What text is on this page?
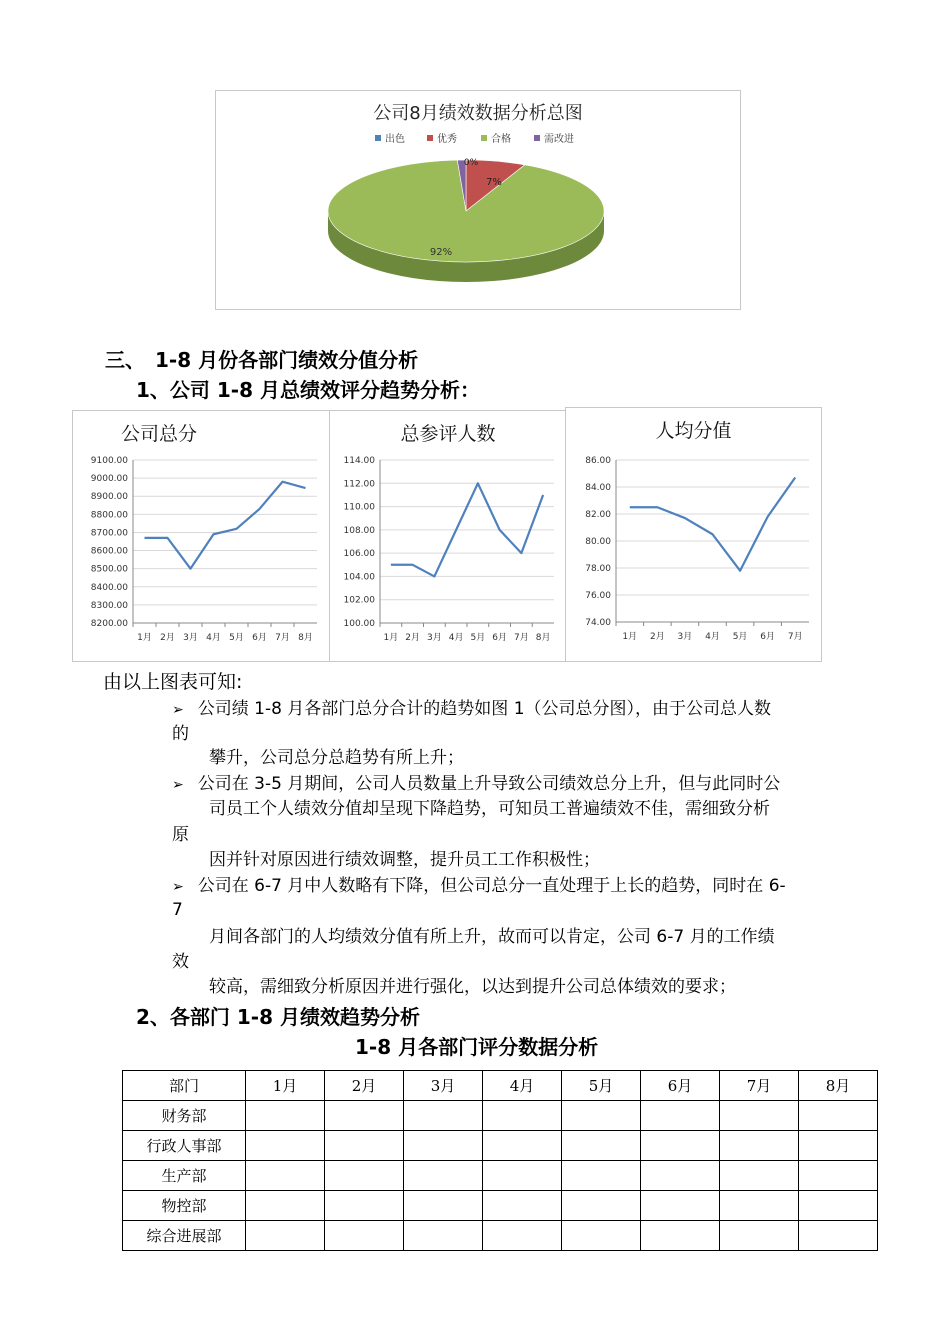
公司8月绩效数据分析总图
出色	优秀	合格	需改进
0%
7%
92%
三、　1-8 月份各部门绩效分值分析
1、公司 1-8 月总绩效评分趋势分析：
公司总分
9100.00
9000.00
8900.00
8800.00
8700.00
8600.00
8500.00
8400.00
8300.00
8200.00
1月 2月 3月 4月 5月 6月 7月 8月
总参评人数
114.00
112.00
110.00
108.00
106.00
104.00
102.00
100.00
1月 2月 3月 4月 5月 6月 7月 8月
人均分值
86.00
84.00
82.00
80.00
78.00
76.00
74.00
1月 2月 3月 4月 5月 6月 7月
由以上图表可知:
➢ 公司绩 1-8 月各部门总分合计的趋势如图 1（公司总分图），由于公司总人数
的
攀升，公司总分总趋势有所上升；
➢ 公司在 3-5 月期间，公司人员数量上升导致公司绩效总分上升，但与此同时公
司员工个人绩效分值却呈现下降趋势，可知员工普遍绩效不佳，需细致分析
原
因并针对原因进行绩效调整，提升员工工作积极性；
➢ 公司在 6-7 月中人数略有下降，但公司总分一直处理于上长的趋势，同时在 6-
7
月间各部门的人均绩效分值有所上升，故而可以肯定，公司 6-7 月的工作绩
效
较高，需细致分析原因并进行强化，以达到提升公司总体绩效的要求；
2、各部门 1-8 月绩效趋势分析
1-8 月各部门评分数据分析
部门	1月	2月	3月	4月	5月	6月	7月	8月
财务部								
行政人事部								
生产部								
物控部								
综合进展部								
